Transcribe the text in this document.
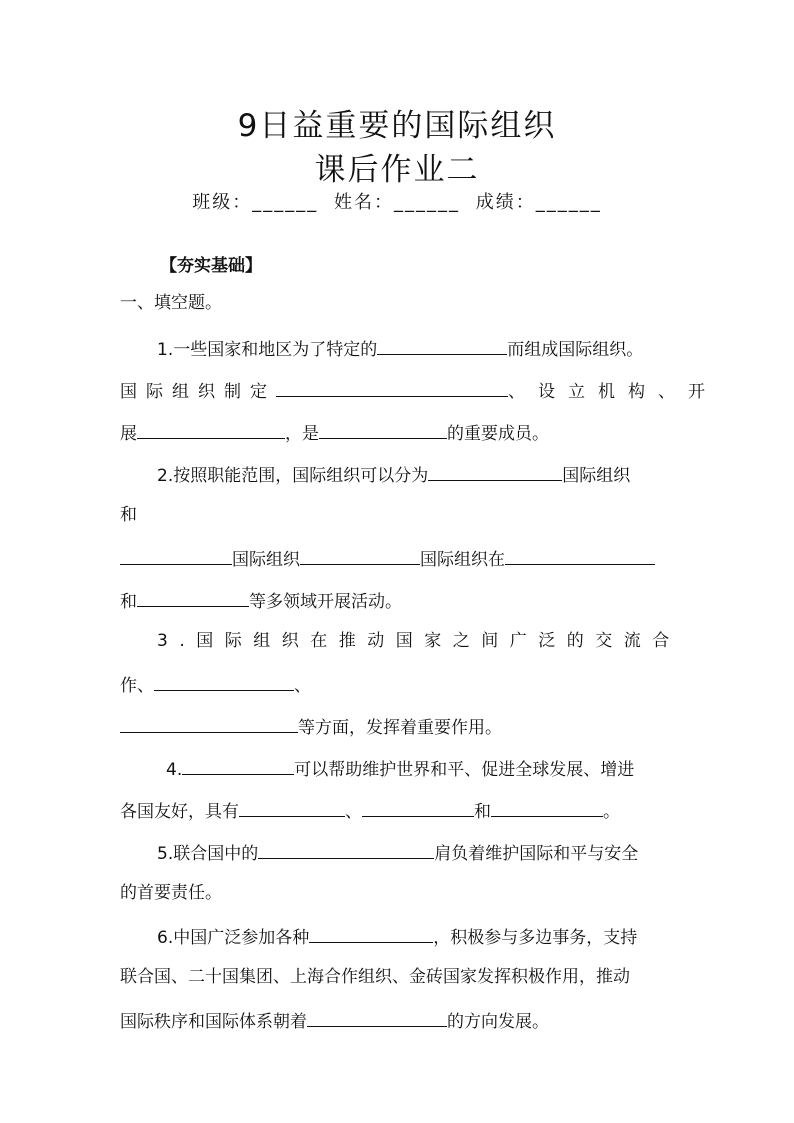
9日益重要的国际组织
课后作业二
班级：______ 姓名：______ 成绩：______
【夯实基础】
一、填空题。
1.一些国家和地区为了特定的	而组成国际组织。
国际组织制定	、设立机构、开
展	，是	的重要成员。
2.按照职能范围，国际组织可以分为	国际组织
和
国际组织	国际组织在
和	等多领域开展活动。
3.国际组织在推动国家之间广泛的交流合
作、	、
等方面，发挥着重要作用。
4.	可以帮助维护世界和平、促进全球发展、增进
各国友好，具有	、	和	。
5.联合国中的	肩负着维护国际和平与安全
的首要责任。
6.中国广泛参加各种	，积极参与多边事务，支持
联合国、二十国集团、上海合作组织、金砖国家发挥积极作用，推动
国际秩序和国际体系朝着	的方向发展。
